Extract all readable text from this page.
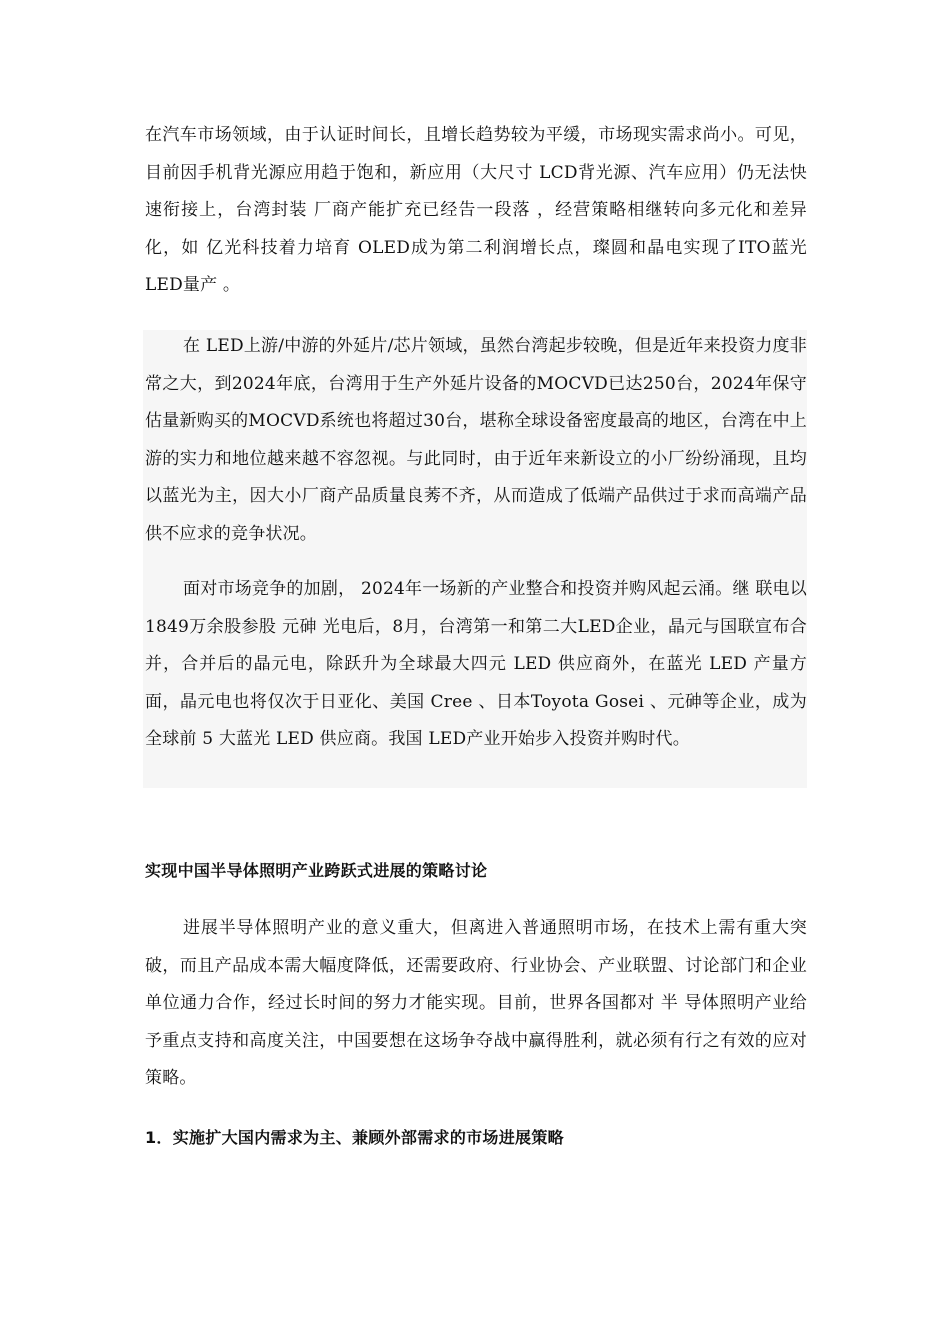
在汽车市场领域，由于认证时间长，且增长趋势较为平缓，市场现实需求尚小。可见，目前因手机背光源应用趋于饱和，新应用（大尺寸 LCD背光源、汽车应用）仍无法快速衔接上，台湾封装 厂商产能扩充已经告一段落 ，经营策略相继转向多元化和差异化，如 亿光科技着力培育 OLED成为第二利润增长点，璨圆和晶电实现了ITO蓝光LED量产 。

在 LED上游/中游的外延片/芯片领域，虽然台湾起步较晚，但是近年来投资力度非常之大，到2024年底，台湾用于生产外延片设备的MOCVD已达250台，2024年保守估量新购买的MOCVD系统也将超过30台，堪称全球设备密度最高的地区，台湾在中上游的实力和地位越来越不容忽视。与此同时，由于近年来新设立的小厂纷纷涌现，且均以蓝光为主，因大小厂商产品质量良莠不齐，从而造成了低端产品供过于求而高端产品供不应求的竞争状况。

面对市场竞争的加剧， 2024年一场新的产业整合和投资并购风起云涌。继 联电以 1849万余股参股 元砷 光电后，8月，台湾第一和第二大LED企业，晶元与国联宣布合并，合并后的晶元电，除跃升为全球最大四元 LED 供应商外，在蓝光 LED 产量方面，晶元电也将仅次于日亚化、美国 Cree 、日本Toyota Gosei 、元砷等企业，成为全球前 5 大蓝光 LED 供应商。我国 LED产业开始步入投资并购时代。

实现中国半导体照明产业跨跃式进展的策略讨论

进展半导体照明产业的意义重大，但离进入普通照明市场，在技术上需有重大突破，而且产品成本需大幅度降低，还需要政府、行业协会、产业联盟、讨论部门和企业单位通力合作，经过长时间的努力才能实现。目前，世界各国都对 半 导体照明产业给予重点支持和高度关注，中国要想在这场争夺战中赢得胜利，就必须有行之有效的应对策略。

1．实施扩大国内需求为主、兼顾外部需求的市场进展策略
